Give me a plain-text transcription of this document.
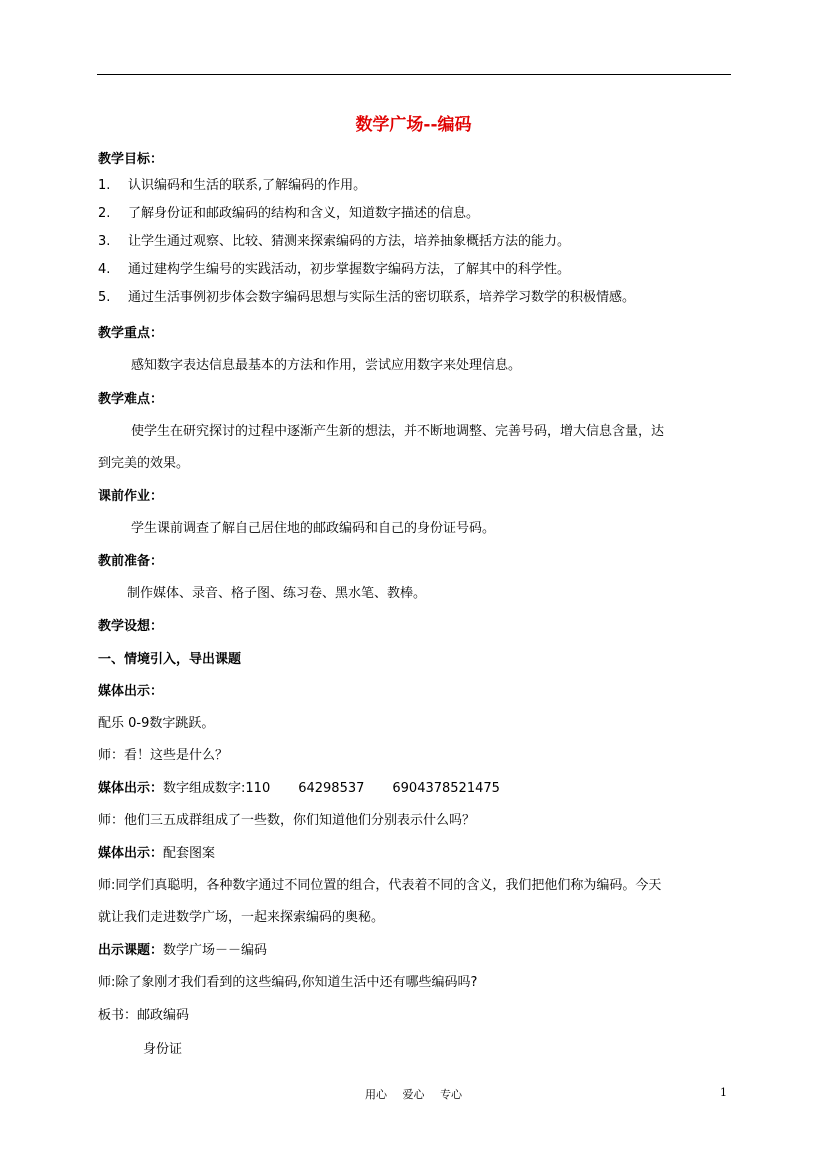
数学广场--编码
教学目标：
1. 认识编码和生活的联系,了解编码的作用。
2. 了解身份证和邮政编码的结构和含义，知道数字描述的信息。
3. 让学生通过观察、比较、猜测来探索编码的方法，培养抽象概括方法的能力。
4. 通过建构学生编号的实践活动，初步掌握数字编码方法，了解其中的科学性。
5. 通过生活事例初步体会数字编码思想与实际生活的密切联系，培养学习数学的积极情感。
教学重点：
感知数字表达信息最基本的方法和作用，尝试应用数字来处理信息。
教学难点：
使学生在研究探讨的过程中逐渐产生新的想法，并不断地调整、完善号码，增大信息含量，达
到完美的效果。
课前作业：
学生课前调查了解自己居住地的邮政编码和自己的身份证号码。
教前准备：
制作媒体、录音、格子图、练习卷、黑水笔、教棒。
教学设想：
一、情境引入，导出课题
媒体出示：
配乐 0-9数字跳跃。
师：看！这些是什么？
媒体出示：数字组成数字:110 64298537 6904378521475
师：他们三五成群组成了一些数，你们知道他们分别表示什么吗？
媒体出示：配套图案
师:同学们真聪明，各种数字通过不同位置的组合，代表着不同的含义，我们把他们称为编码。今天
就让我们走进数学广场，一起来探索编码的奥秘。
出示课题：数学广场－－编码
师:除了象刚才我们看到的这些编码,你知道生活中还有哪些编码吗?
板书：邮政编码
身份证
用心 爱心 专心	1
